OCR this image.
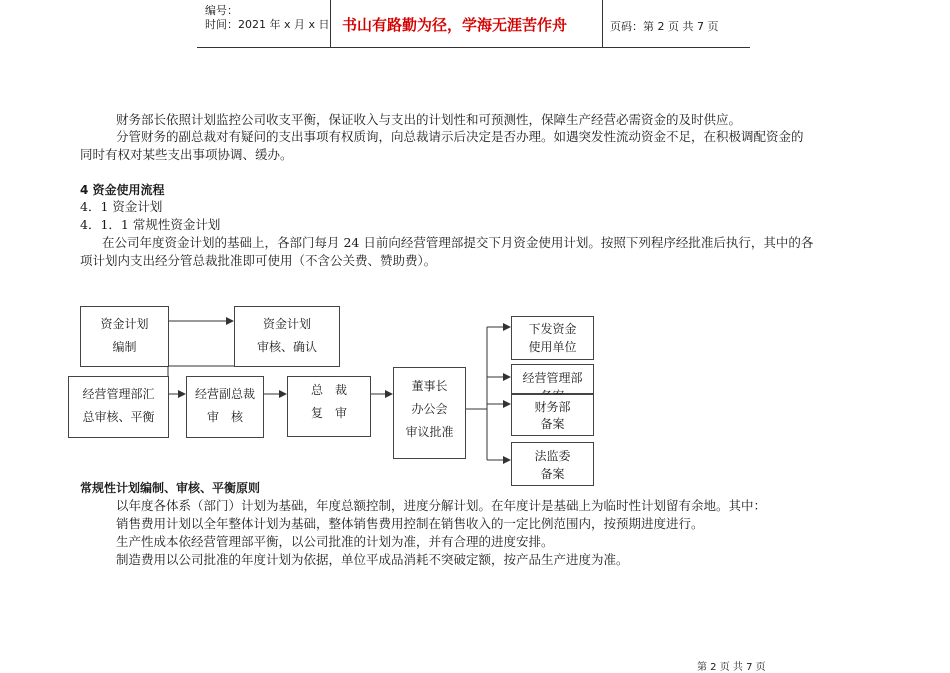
编号：
时间：2021 年 x 月 x 日 书山有路勤为径，学海无涯苦作舟	页码：第 2 页 共 7 页
财务部长依照计划监控公司收支平衡，保证收入与支出的计划性和可预测性，保障生产经营必需资金的及时供应。
分管财务的副总裁对有疑问的支出事项有权质询，向总裁请示后决定是否办理。如遇突发性流动资金不足，在积极调配资金的
同时有权对某些支出事项协调、缓办。
4 资金使用流程
4．1 资金计划
4．1．1 常规性资金计划
在公司年度资金计划的基础上，各部门每月 24 日前向经营管理部提交下月资金使用计划。按照下列程序经批准后执行，其中的各
项计划内支出经分管总裁批准即可使用（不含公关费、赞助费）。
资金计划
编制
资金计划
审核、确认
经营管理部汇
总审核、平衡
经营副总裁
审　核
总　裁
复　审
董事长
办公会
审议批准
下发资金
使用单位
经营管理部
财务部
备案
法监委
备案
常规性计划编制、审核、平衡原则
以年度各体系（部门）计划为基础，年度总额控制，进度分解计划。在年度计是基础上为临时性计划留有余地。其中：
销售费用计划以全年整体计划为基础，整体销售费用控制在销售收入的一定比例范围内，按预期进度进行。
生产性成本依经营管理部平衡，以公司批准的计划为准，并有合理的进度安排。
制造费用以公司批准的年度计划为依据，单位平成品消耗不突破定额，按产品生产进度为准。
第 2 页 共 7 页
